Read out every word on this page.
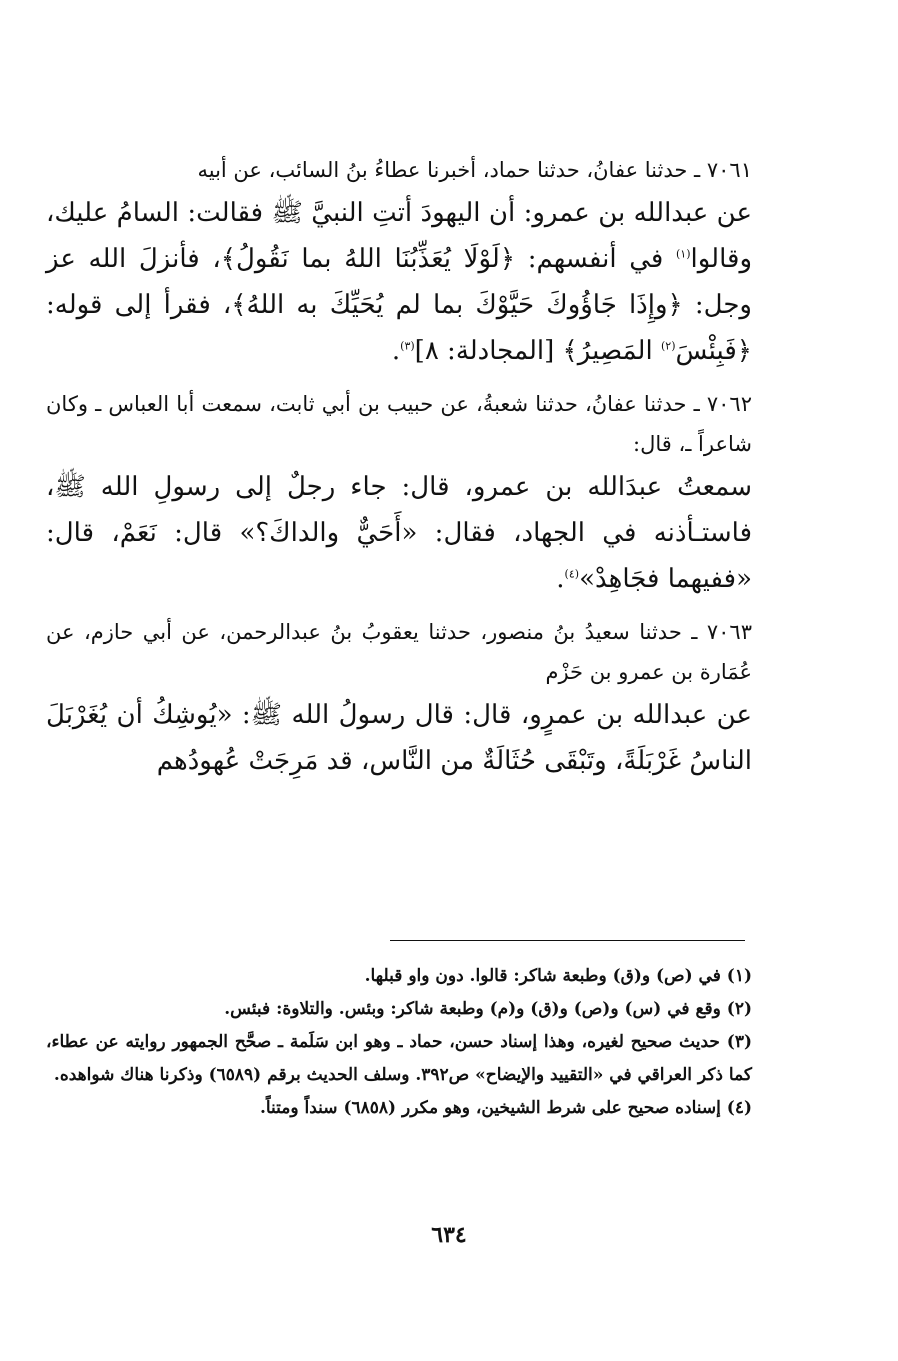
٧٠٦١ ـ حدثنا عفانُ، حدثنا حماد، أخبرنا عطاءُ بنُ السائب، عن أبيه

عن عبدالله بن عمرو: أن اليهودَ أتتِ النبيَّ ﷺ فقالت: السامُ عليك، وقالوا$^{(١)}$ في أنفسهم: ﴿لَوْلَا يُعَذِّبُنَا اللهُ بما نَقُولُ﴾، فأنزلَ الله عز وجل: ﴿وإِذَا جَاؤُوكَ حَيَّوْكَ بما لم يُحَيِّكَ به اللهُ﴾، فقرأ إلى قوله: ﴿فَبِئْسَ$^{(٢)}$ المَصِيرُ﴾ [المجادلة: ٨]$^{(٣)}$.

٧٠٦٢ ـ حدثنا عفانُ، حدثنا شعبةُ، عن حبيب بن أبي ثابت، سمعت أبا العباس ـ وكان شاعراً ـ، قال:

سمعتُ عبدَالله بن عمرو، قال: جاء رجلٌ إلى رسولِ الله ﷺ، فاستـأذنه في الجهاد، فقال: «أَحَيٌّ والداكَ؟» قال: نَعَمْ، قال: «ففيهما فجَاهِدْ»$^{(٤)}$.

٧٠٦٣ ـ حدثنا سعيدُ بنُ منصور، حدثنا يعقوبُ بنُ عبدالرحمن، عن أبي حازم، عن عُمَارة بن عمرو بن حَزْم

عن عبدالله بن عمرٍو، قال: قال رسولُ الله ﷺ: «يُوشِكُ أن يُغَرْبَلَ الناسُ غَرْبَلَةً، وتَبْقَى حُثَالَةٌ من النَّاس، قد مَرِجَتْ عُهودُهم

(١) في (ص) و(ق) وطبعة شاكر: قالوا. دون واو قبلها.

(٢) وقع في (س) و(ص) و(ق) و(م) وطبعة شاكر: وبئس. والتلاوة: فبئس.

(٣) حديث صحيح لغيره، وهذا إسناد حسن، حماد ـ وهو ابن سَلَمة ـ صحَّح الجمهور روايته عن عطاء، كما ذكر العراقي في «التقييد والإيضاح» ص٣٩٢. وسلف الحديث برقم (٦٥٨٩) وذكرنا هناك شواهده.

(٤) إسناده صحيح على شرط الشيخين، وهو مكرر (٦٨٥٨) سنداً ومتناً.

٦٣٤
